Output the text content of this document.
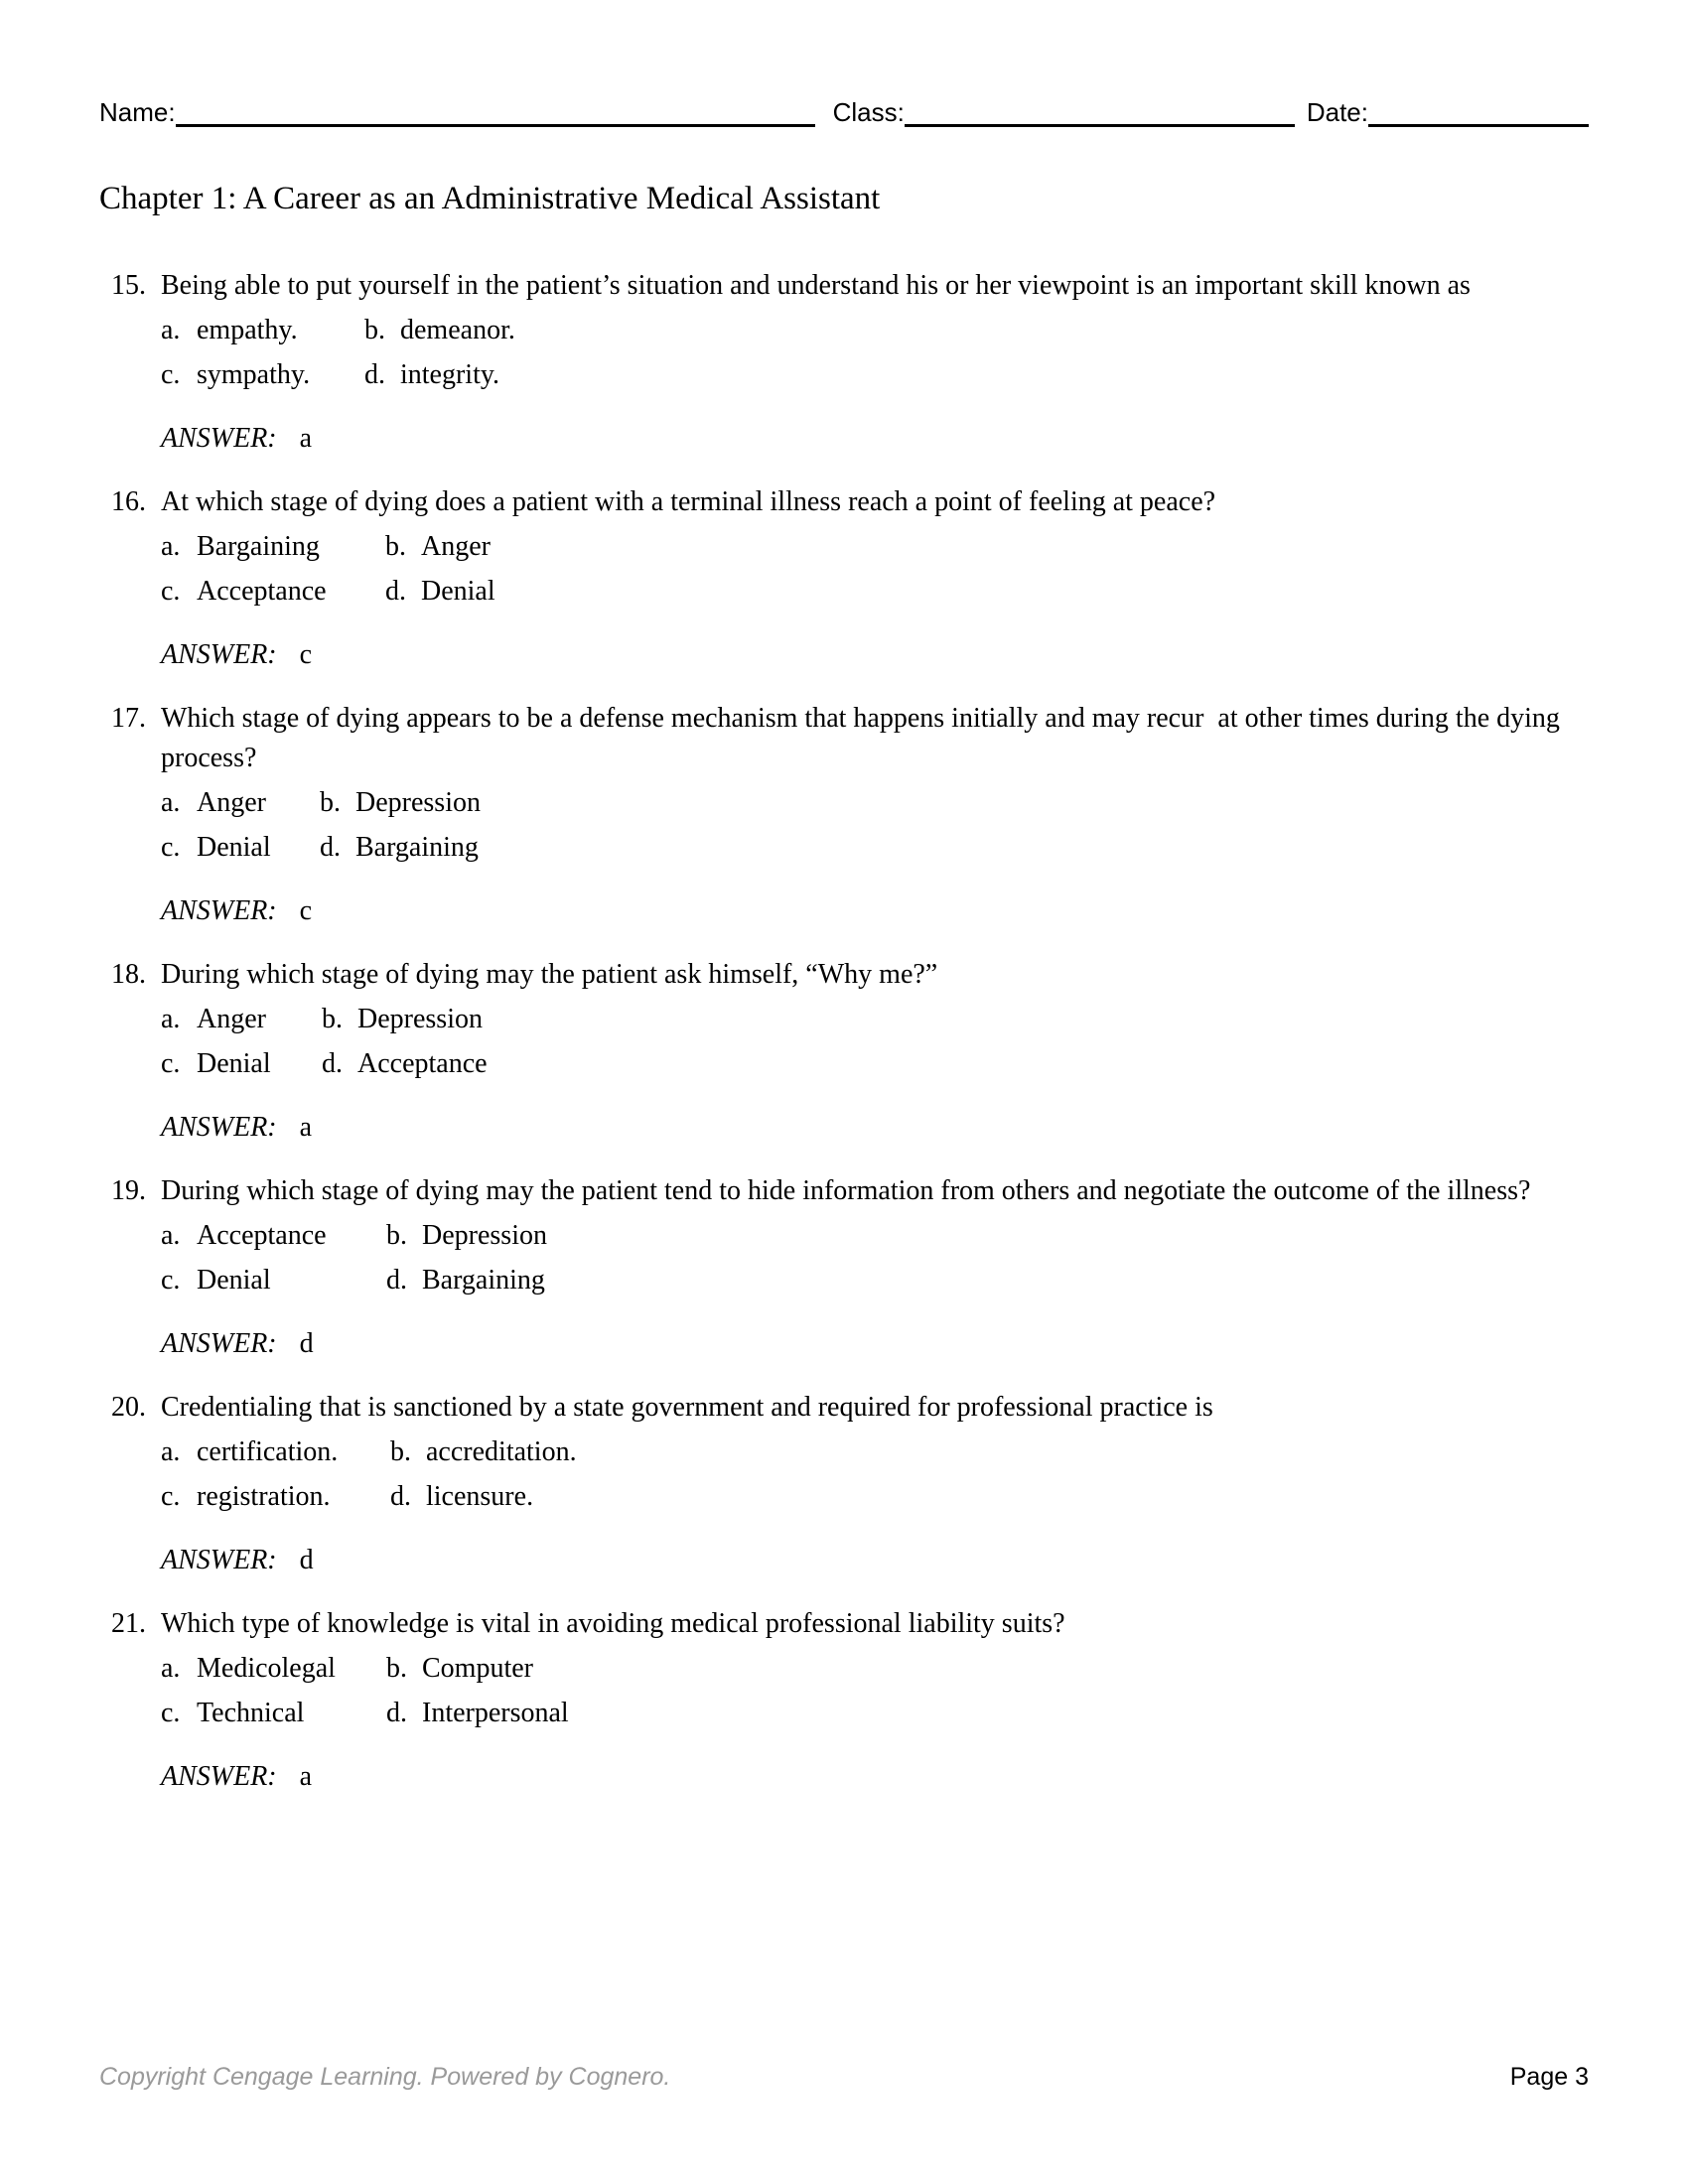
Name:	Class:	Date:
Chapter 1: A Career as an Administrative Medical Assistant
15. Being able to put yourself in the patient’s situation and understand his or her viewpoint is an important skill known as
a. empathy. b. demeanor.
c. sympathy. d. integrity.
ANSWER: a
16. At which stage of dying does a patient with a terminal illness reach a point of feeling at peace?
a. Bargaining b. Anger
c. Acceptance d. Denial
ANSWER: c
17. Which stage of dying appears to be a defense mechanism that happens initially and may recur  at other times during the dying process?
a. Anger b. Depression
c. Denial d. Bargaining
ANSWER: c
18. During which stage of dying may the patient ask himself, “Why me?”
a. Anger b. Depression
c. Denial d. Acceptance
ANSWER: a
19. During which stage of dying may the patient tend to hide information from others and negotiate the outcome of the illness?
a. Acceptance b. Depression
c. Denial	d. Bargaining
ANSWER: d
20. Credentialing that is sanctioned by a state government and required for professional practice is
a. certification. b. accreditation.
c. registration. d. licensure.
ANSWER: d
21. Which type of knowledge is vital in avoiding medical professional liability suits?
a. Medicolegal b. Computer
c. Technical	d. Interpersonal
ANSWER: a
Copyright Cengage Learning. Powered by Cognero.	Page 3
